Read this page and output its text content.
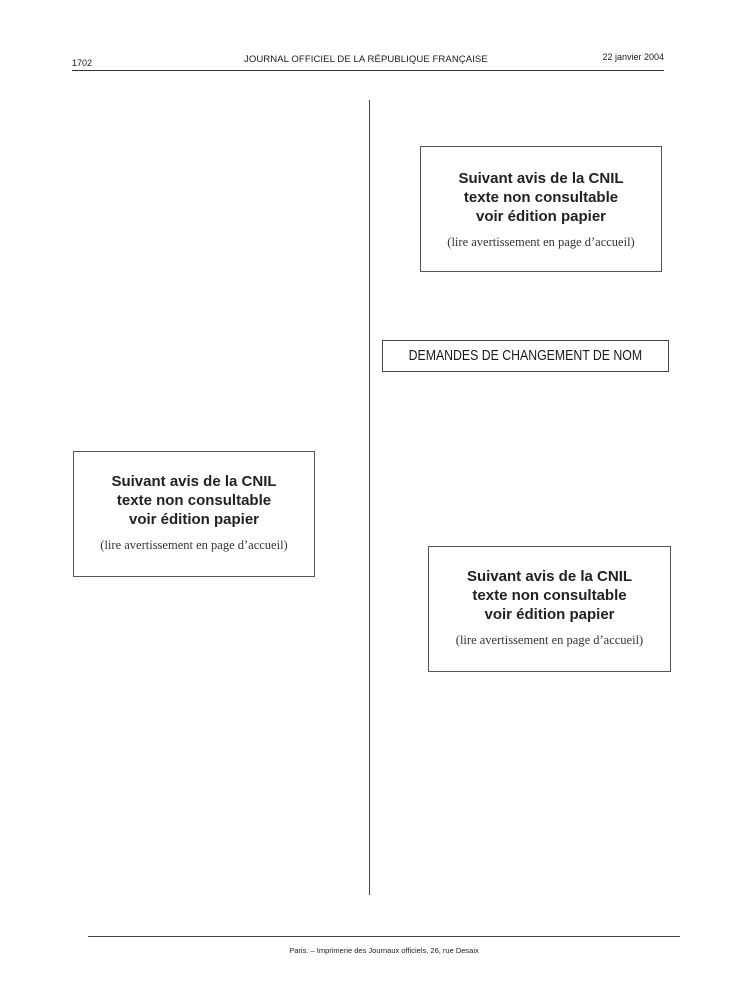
1702	JOURNAL OFFICIEL DE LA RÉPUBLIQUE FRANÇAISE	22 janvier 2004
Suivant avis de la CNIL
texte non consultable
voir édition papier
(lire avertissement en page d’accueil)
DEMANDES DE CHANGEMENT DE NOM
Suivant avis de la CNIL
texte non consultable
voir édition papier
(lire avertissement en page d’accueil)
Suivant avis de la CNIL
texte non consultable
voir édition papier
(lire avertissement en page d’accueil)
Paris. – Imprimerie des Journaux officiels, 26, rue Desaix
